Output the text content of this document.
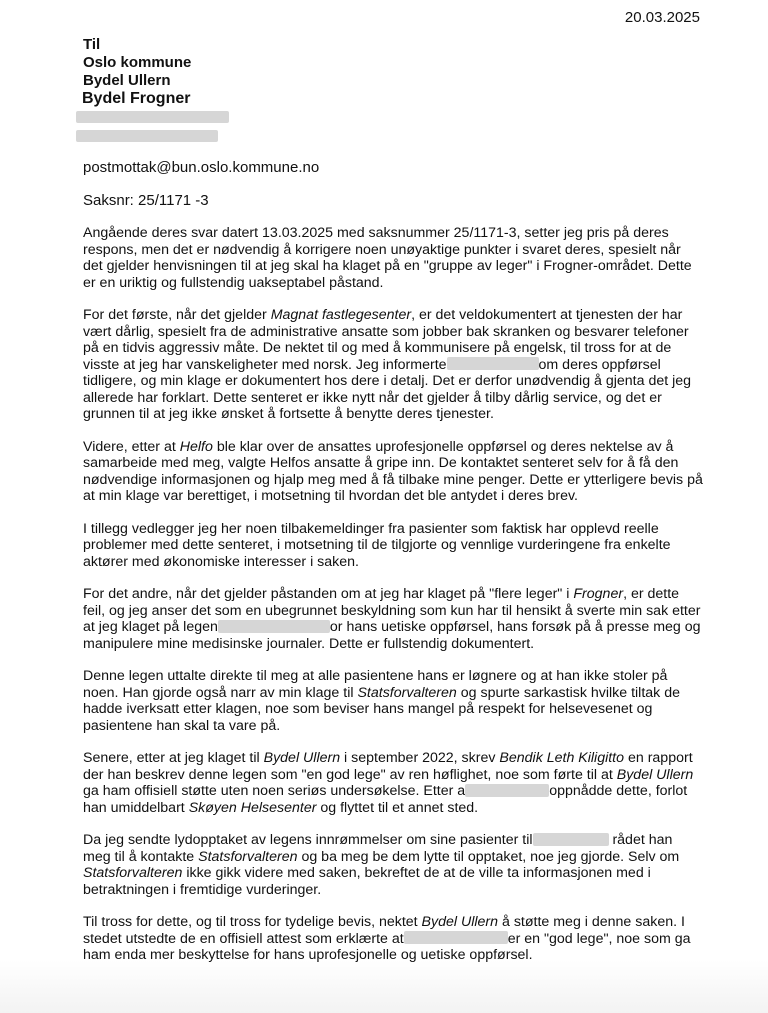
20.03.2025
Til
Oslo kommune
Bydel Ullern
Bydel Frogner

postmottak@bun.oslo.kommune.no

Saksnr: 25/1171 -3

Angående deres svar datert 13.03.2025 med saksnummer 25/1171-3, setter jeg pris på deres respons, men det er nødvendig å korrigere noen unøyaktige punkter i svaret deres, spesielt når det gjelder henvisningen til at jeg skal ha klaget på en "gruppe av leger" i Frogner-området. Dette er en uriktig og fullstendig uakseptabel påstand.

For det første, når det gjelder Magnat fastlegesenter, er det veldokumentert at tjenesten der har vært dårlig, spesielt fra de administrative ansatte som jobber bak skranken og besvarer telefoner på en tidvis aggressiv måte. De nektet til og med å kommunisere på engelsk, til tross for at de visste at jeg har vanskeligheter med norsk. Jeg informerte	om deres oppførsel tidligere, og min klage er dokumentert hos dere i detalj. Det er derfor unødvendig å gjenta det jeg allerede har forklart. Dette senteret er ikke nytt når det gjelder å tilby dårlig service, og det er grunnen til at jeg ikke ønsket å fortsette å benytte deres tjenester.

Videre, etter at Helfo ble klar over de ansattes uprofesjonelle oppførsel og deres nektelse av å samarbeide med meg, valgte Helfos ansatte å gripe inn. De kontaktet senteret selv for å få den nødvendige informasjonen og hjalp meg med å få tilbake mine penger. Dette er ytterligere bevis på at min klage var berettiget, i motsetning til hvordan det ble antydet i deres brev.

I tillegg vedlegger jeg her noen tilbakemeldinger fra pasienter som faktisk har opplevd reelle problemer med dette senteret, i motsetning til de tilgjorte og vennlige vurderingene fra enkelte aktører med økonomiske interesser i saken.

For det andre, når det gjelder påstanden om at jeg har klaget på "flere leger" i Frogner, er dette feil, og jeg anser det som en ubegrunnet beskyldning som kun har til hensikt å sverte min sak etter at jeg klaget på legen	or hans uetiske oppførsel, hans forsøk på å presse meg og manipulere mine medisinske journaler. Dette er fullstendig dokumentert.

Denne legen uttalte direkte til meg at alle pasientene hans er løgnere og at han ikke stoler på noen. Han gjorde også narr av min klage til Statsforvalteren og spurte sarkastisk hvilke tiltak de hadde iverksatt etter klagen, noe som beviser hans mangel på respekt for helsevesenet og pasientene han skal ta vare på.

Senere, etter at jeg klaget til Bydel Ullern i september 2022, skrev Bendik Leth Kiligitto en rapport der han beskrev denne legen som "en god lege" av ren høflighet, noe som førte til at Bydel Ullern ga ham offisiell støtte uten noen seriøs undersøkelse. Etter a	oppnådde dette, forlot han umiddelbart Skøyen Helsesenter og flyttet til et annet sted.

Da jeg sendte lydopptaket av legens innrømmelser om sine pasienter til	rådet han meg til å kontakte Statsforvalteren og ba meg be dem lytte til opptaket, noe jeg gjorde. Selv om Statsforvalteren ikke gikk videre med saken, bekreftet de at de ville ta informasjonen med i betraktningen i fremtidige vurderinger.

Til tross for dette, og til tross for tydelige bevis, nektet Bydel Ullern å støtte meg i denne saken. I stedet utstedte de en offisiell attest som erklærte at	er en "god lege", noe som ga ham enda mer beskyttelse for hans uprofesjonelle og uetiske oppførsel.
